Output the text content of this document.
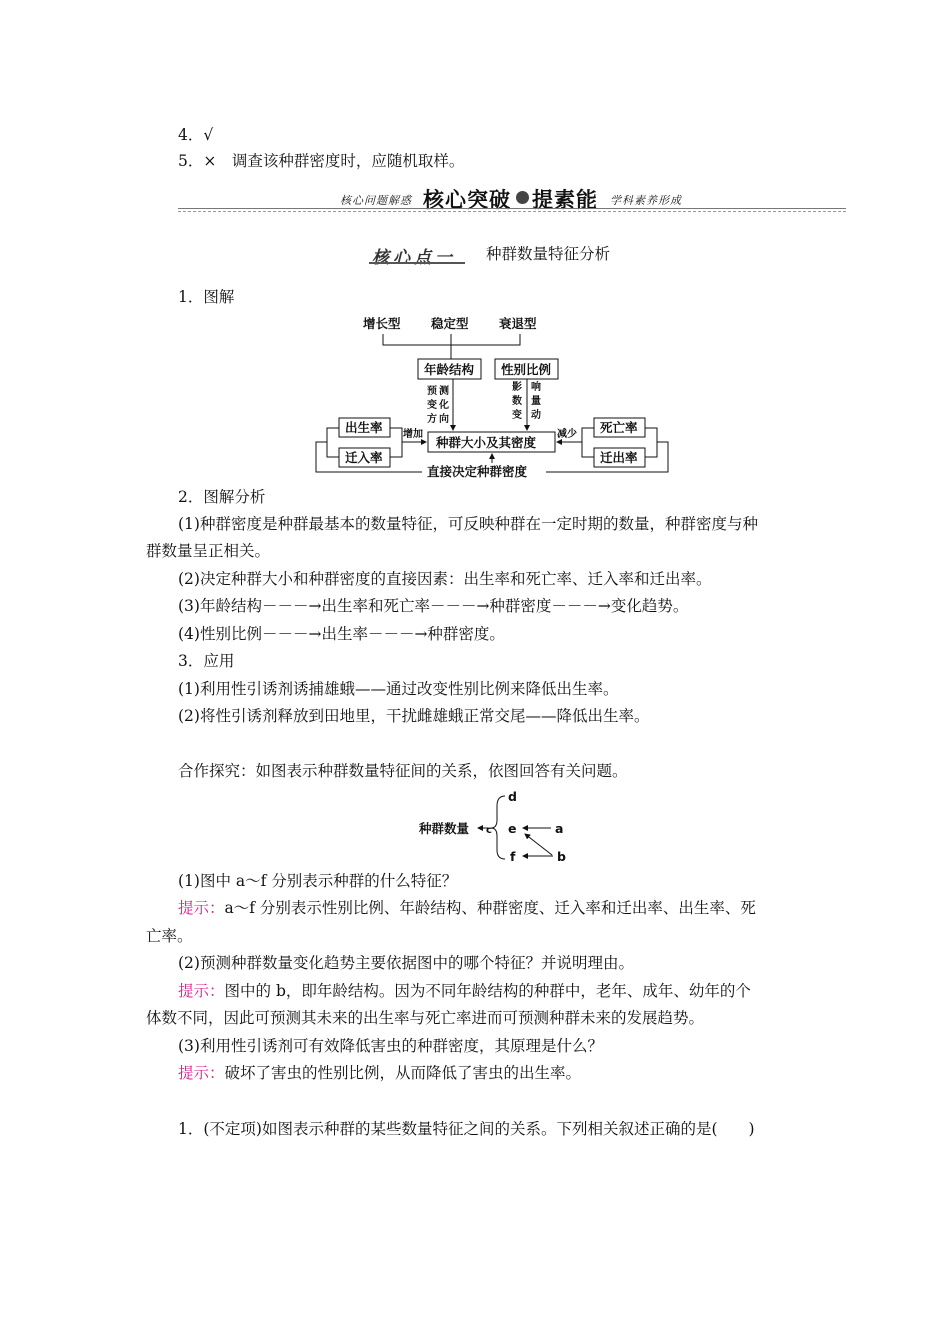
4．√
5．×　调查该种群密度时，应随机取样。
核心问题解惑 核心突破 提素能 学科素养形成
核心点一 种群数量特征分析
1．图解
增长型 稳定型 衰退型
年龄结构 性别比例
种群大小及其密度
出生率
迁入率
死亡率
迁出率
增加	减少
预 测
变 化
方 向
影 响
数 量
变 动
直接决定种群密度
2．图解分析
(1)种群密度是种群最基本的数量特征，可反映种群在一定时期的数量，种群密度与种
群数量呈正相关。
(2)决定种群大小和种群密度的直接因素：出生率和死亡率、迁入率和迁出率。
(3)年龄结构－－－→出生率和死亡率－－－→种群密度－－－→变化趋势。
(4)性别比例－－－→出生率－－－→种群密度。
3．应用
(1)利用性引诱剂诱捕雄蛾——通过改变性别比例来降低出生率。
(2)将性引诱剂释放到田地里，干扰雌雄蛾正常交尾——降低出生率。
合作探究：如图表示种群数量特征间的关系，依图回答有关问题。
种群数量 c
d
e
f
a
b
(1)图中 a～f 分别表示种群的什么特征？
提示：a～f 分别表示性别比例、年龄结构、种群密度、迁入率和迁出率、出生率、死
亡率。
(2)预测种群数量变化趋势主要依据图中的哪个特征？并说明理由。
提示：图中的 b，即年龄结构。因为不同年龄结构的种群中，老年、成年、幼年的个
体数不同，因此可预测其未来的出生率与死亡率进而可预测种群未来的发展趋势。
(3)利用性引诱剂可有效降低害虫的种群密度，其原理是什么？
提示：破坏了害虫的性别比例，从而降低了害虫的出生率。
1．(不定项)如图表示种群的某些数量特征之间的关系。下列相关叙述正确的是(　　)
